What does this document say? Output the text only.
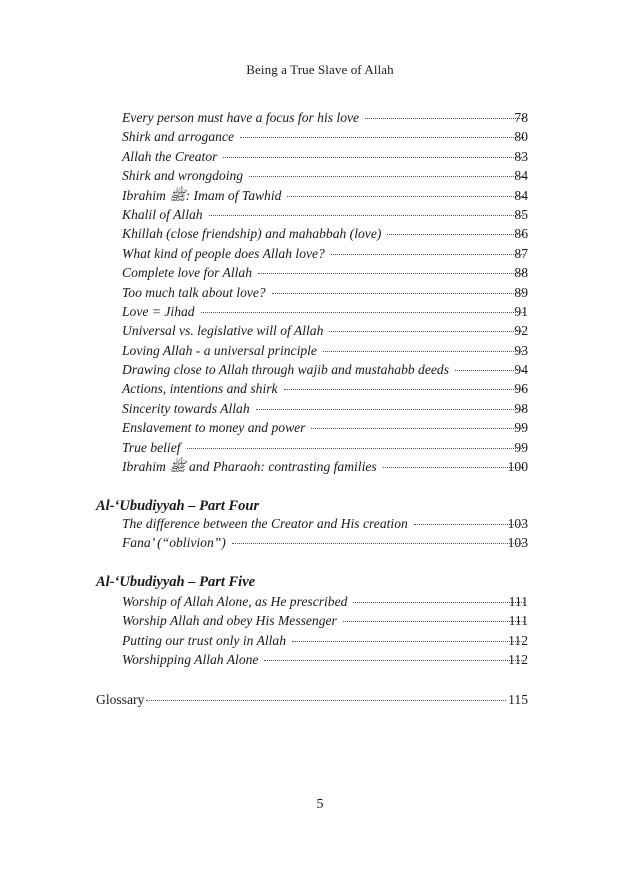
Being a True Slave of Allah
Every person must have a focus for his love	78
Shirk and arrogance	80
Allah the Creator	83
Shirk and wrongdoing	84
Ibrahim ﷺ: Imam of Tawhid	84
Khalil of Allah	85
Khillah (close friendship) and mahabbah (love)	86
What kind of people does Allah love?	87
Complete love for Allah	88
Too much talk about love?	89
Love = Jihad	91
Universal vs. legislative will of Allah	92
Loving Allah - a universal principle	93
Drawing close to Allah through wajib and mustahabb deeds	94
Actions, intentions and shirk	96
Sincerity towards Allah	98
Enslavement to money and power	99
True belief	99
Ibrahim ﷺ and Pharaoh: contrasting families	100
Al-‘Ubudiyyah – Part Four
The difference between the Creator and His creation	103
Fana’ (“oblivion”)	103
Al-‘Ubudiyyah – Part Five
Worship of Allah Alone, as He prescribed	111
Worship Allah and obey His Messenger	111
Putting our trust only in Allah	112
Worshipping Allah Alone	112
Glossary	115
5
